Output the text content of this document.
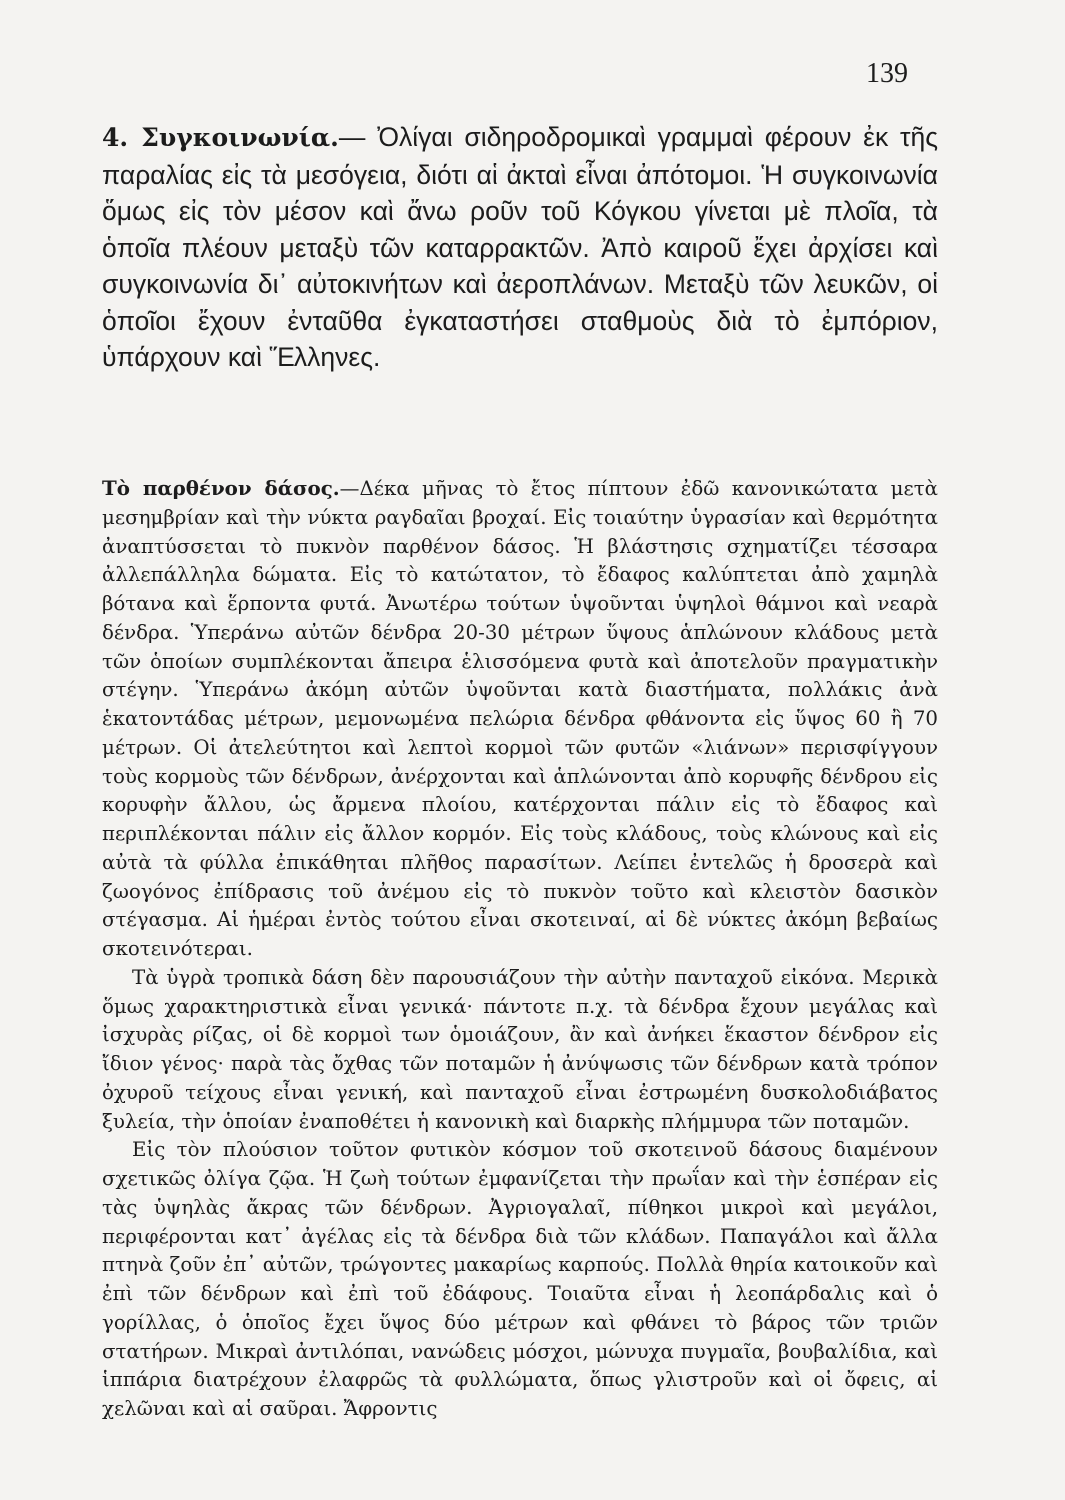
139

4. Συγκοινωνία.— Ὀλίγαι σιδηροδρομικαὶ γραμμαὶ φέρουν ἐκ τῆς παραλίας εἰς τὰ μεσόγεια, διότι αἱ ἀκταὶ εἶναι ἀπότομοι. Ἡ συγκοινωνία ὅμως εἰς τὸν μέσον καὶ ἄνω ροῦν τοῦ Κόγκου γίνεται μὲ πλοῖα, τὰ ὁποῖα πλέουν μεταξὺ τῶν καταρρακτῶν. Ἀπὸ καιροῦ ἔχει ἀρχίσει καὶ συγκοινωνία δι᾽ αὐτοκινήτων καὶ ἀεροπλάνων. Μεταξὺ τῶν λευκῶν, οἱ ὁποῖοι ἔχουν ἐνταῦθα ἐγκαταστήσει σταθμοὺς διὰ τὸ ἐμπόριον, ὑπάρχουν καὶ Ἕλληνες.

Τὸ παρθένον δάσος.—Δέκα μῆνας τὸ ἔτος πίπτουν ἐδῶ κανονικώτατα μετὰ μεσημβρίαν καὶ τὴν νύκτα ραγδαῖαι βροχαί. Εἰς τοιαύτην ὑγρασίαν καὶ θερμότητα ἀναπτύσσεται τὸ πυκνὸν παρθένον δάσος. Ἡ βλάστησις σχηματίζει τέσσαρα ἀλλεπάλληλα δώματα. Εἰς τὸ κατώτατον, τὸ ἔδαφος καλύπτεται ἀπὸ χαμηλὰ βότανα καὶ ἕρποντα φυτά. Ἀνωτέρω τούτων ὑψοῦνται ὑψηλοὶ θάμνοι καὶ νεαρὰ δένδρα. Ὑπεράνω αὐτῶν δένδρα 20-30 μέτρων ὕψους ἁπλώνουν κλάδους μετὰ τῶν ὁποίων συμπλέκονται ἄπειρα ἑλισσόμενα φυτὰ καὶ ἀποτελοῦν πραγματικὴν στέγην. Ὑπεράνω ἀκόμη αὐτῶν ὑψοῦνται κατὰ διαστήματα, πολλάκις ἀνὰ ἑκατοντάδας μέτρων, μεμονωμένα πελώρια δένδρα φθάνοντα εἰς ὕψος 60 ἢ 70 μέτρων. Οἱ ἀτελεύτητοι καὶ λεπτοὶ κορμοὶ τῶν φυτῶν «λιάνων» περισφίγγουν τοὺς κορμοὺς τῶν δένδρων, ἀνέρχονται καὶ ἁπλώνονται ἀπὸ κορυφῆς δένδρου εἰς κορυφὴν ἄλλου, ὡς ἄρμενα πλοίου, κατέρχονται πάλιν εἰς τὸ ἔδαφος καὶ περιπλέκονται πάλιν εἰς ἄλλον κορμόν. Εἰς τοὺς κλάδους, τοὺς κλώνους καὶ εἰς αὐτὰ τὰ φύλλα ἐπικάθηται πλῆθος παρασίτων. Λείπει ἐντελῶς ἡ δροσερὰ καὶ ζωογόνος ἐπίδρασις τοῦ ἀνέμου εἰς τὸ πυκνὸν τοῦτο καὶ κλειστὸν δασικὸν στέγασμα. Αἱ ἡμέραι ἐντὸς τούτου εἶναι σκοτειναί, αἱ δὲ νύκτες ἀκόμη βεβαίως σκοτεινότεραι.

Τὰ ὑγρὰ τροπικὰ δάση δὲν παρουσιάζουν τὴν αὐτὴν πανταχοῦ εἰκόνα. Μερικὰ ὅμως χαρακτηριστικὰ εἶναι γενικά· πάντοτε π.χ. τὰ δένδρα ἔχουν μεγάλας καὶ ἰσχυρὰς ρίζας, οἱ δὲ κορμοὶ των ὁμοιάζουν, ἂν καὶ ἀνήκει ἕκαστον δένδρον εἰς ἴδιον γένος· παρὰ τὰς ὄχθας τῶν ποταμῶν ἡ ἀνύψωσις τῶν δένδρων κατὰ τρόπον ὀχυροῦ τείχους εἶναι γενική, καὶ πανταχοῦ εἶναι ἐστρωμένη δυσκολοδιάβατος ξυλεία, τὴν ὁποίαν ἐναποθέτει ἡ κανονικὴ καὶ διαρκὴς πλήμμυρα τῶν ποταμῶν.

Εἰς τὸν πλούσιον τοῦτον φυτικὸν κόσμον τοῦ σκοτεινοῦ δάσους διαμένουν σχετικῶς ὀλίγα ζῷα. Ἡ ζωὴ τούτων ἐμφανίζεται τὴν πρωΐαν καὶ τὴν ἑσπέραν εἰς τὰς ὑψηλὰς ἄκρας τῶν δένδρων. Ἀγριογαλαῖ, πίθηκοι μικροὶ καὶ μεγάλοι, περιφέρονται κατ᾽ ἀγέλας εἰς τὰ δένδρα διὰ τῶν κλάδων. Παπαγάλοι καὶ ἄλλα πτηνὰ ζοῦν ἐπ᾽ αὐτῶν, τρώγοντες μακαρίως καρπούς. Πολλὰ θηρία κατοικοῦν καὶ ἐπὶ τῶν δένδρων καὶ ἐπὶ τοῦ ἐδάφους. Τοιαῦτα εἶναι ἡ λεοπάρδαλις καὶ ὁ γορίλλας, ὁ ὁποῖος ἔχει ὕψος δύο μέτρων καὶ φθάνει τὸ βάρος τῶν τριῶν στατήρων. Μικραὶ ἀντιλόπαι, νανώδεις μόσχοι, μώνυχα πυγμαῖα, βουβαλίδια, καὶ ἱππάρια διατρέχουν ἐλαφρῶς τὰ φυλλώματα, ὅπως γλιστροῦν καὶ οἱ ὄφεις, αἱ χελῶναι καὶ αἱ σαῦραι. Ἄφροντις
